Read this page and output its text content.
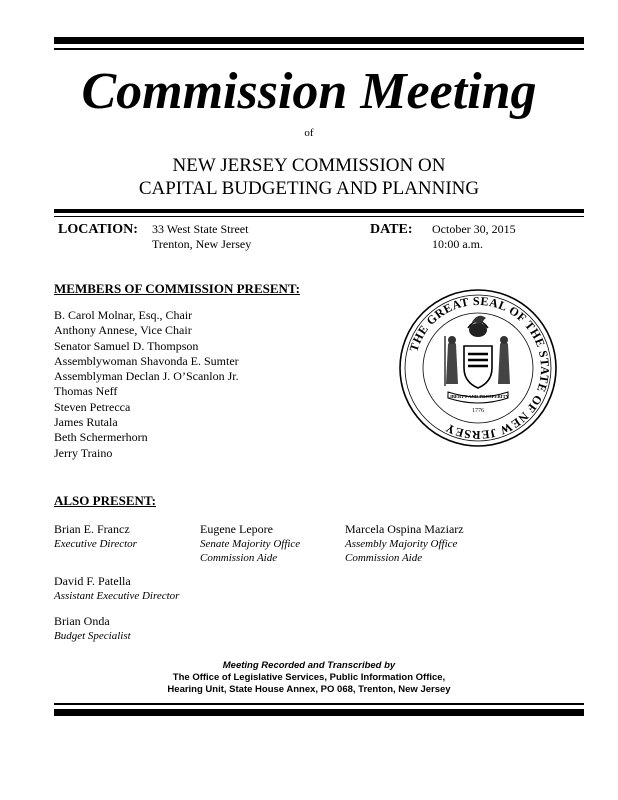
Commission Meeting
of
NEW JERSEY COMMISSION ON
CAPITAL BUDGETING AND PLANNING
LOCATION: 33 West State Street
Trenton, New Jersey
DATE: October 30, 2015
10:00 a.m.
MEMBERS OF COMMISSION PRESENT:
B. Carol Molnar, Esq., Chair
Anthony Annese, Vice Chair
Senator Samuel D. Thompson
Assemblywoman Shavonda E. Sumter
Assemblyman Declan J. O’Scanlon Jr.
Thomas Neff
Steven Petrecca
James Rutala
Beth Schermerhorn
Jerry Traino
THE GREAT SEAL OF THE STATE OF NEW JERSEY
LIBERTY AND PROSPERITY
1776
ALSO PRESENT:
Brian E. Francz
Executive Director
Eugene Lepore
Senate Majority Office
Commission Aide
Marcela Ospina Maziarz
Assembly Majority Office
Commission Aide
David F. Patella
Assistant Executive Director
Brian Onda
Budget Specialist
Meeting Recorded and Transcribed by
The Office of Legislative Services, Public Information Office,
Hearing Unit, State House Annex, PO 068, Trenton, New Jersey
